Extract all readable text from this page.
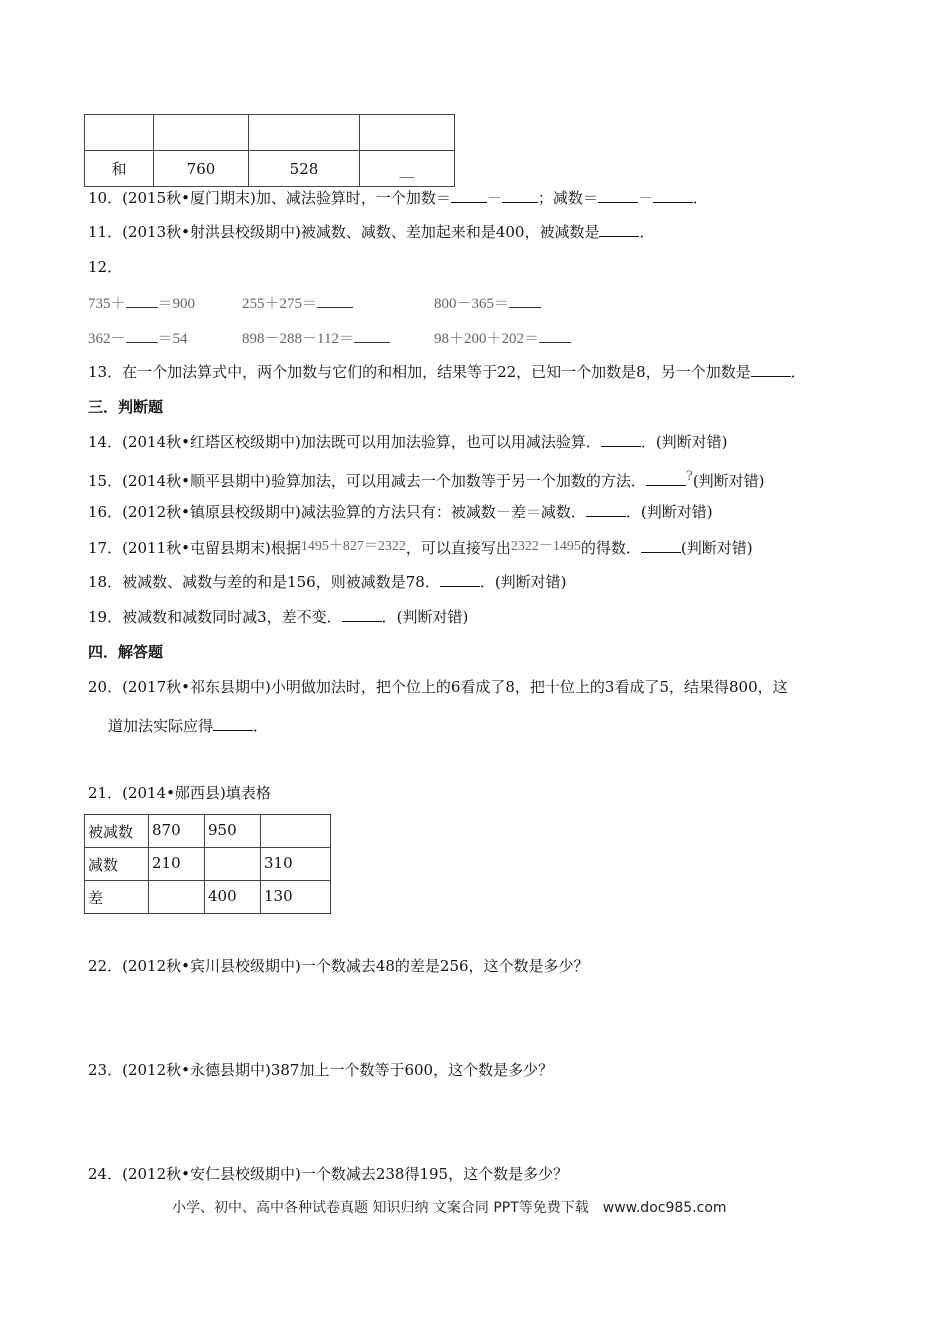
和	760	528	__
10．(2015秋•厦门期末)加、减法验算时，一个加数＝ － ；减数＝	－	．
11．(2013秋•射洪县校级期中)被减数、减数、差加起来和是400，被减数是	．
12．
735＋ ＝900	255＋275＝	800－365＝
362－ ＝54	898－288－112＝	98＋200＋202＝
13．在一个加法算式中，两个加数与它们的和相加，结果等于22，已知一个加数是8，另一个加数是	．
三．判断题
14．(2014秋•红塔区校级期中)加法既可以用加法验算，也可以用减法验算．	．(判断对错)
15．(2014秋•顺平县期中)验算加法，可以用减去一个加数等于另一个加数的方法．	?(判断对错)
16．(2012秋•镇原县校级期中)减法验算的方法只有：被减数－差＝减数．	．(判断对错)
17．(2011秋•屯留县期末)根据1495＋827＝2322，可以直接写出2322－1495的得数．	(判断对错)
18．被减数、减数与差的和是156，则被减数是78．	．(判断对错)
19．被减数和减数同时减3，差不变．	．(判断对错)
四．解答题
20．(2017秋•祁东县期中)小明做加法时，把个位上的6看成了8，把十位上的3看成了5，结果得800，这
道加法实际应得	．
21．(2014•郧西县)填表格
被减数	870	950	
减数	210		310
差		400	130
22．(2012秋•宾川县校级期中)一个数减去48的差是256，这个数是多少？
23．(2012秋•永德县期中)387加上一个数等于600，这个数是多少？
24．(2012秋•安仁县校级期中)一个数减去238得195，这个数是多少？
小学、初中、高中各种试卷真题 知识归纳 文案合同 PPT等免费下载　www.doc985.com
